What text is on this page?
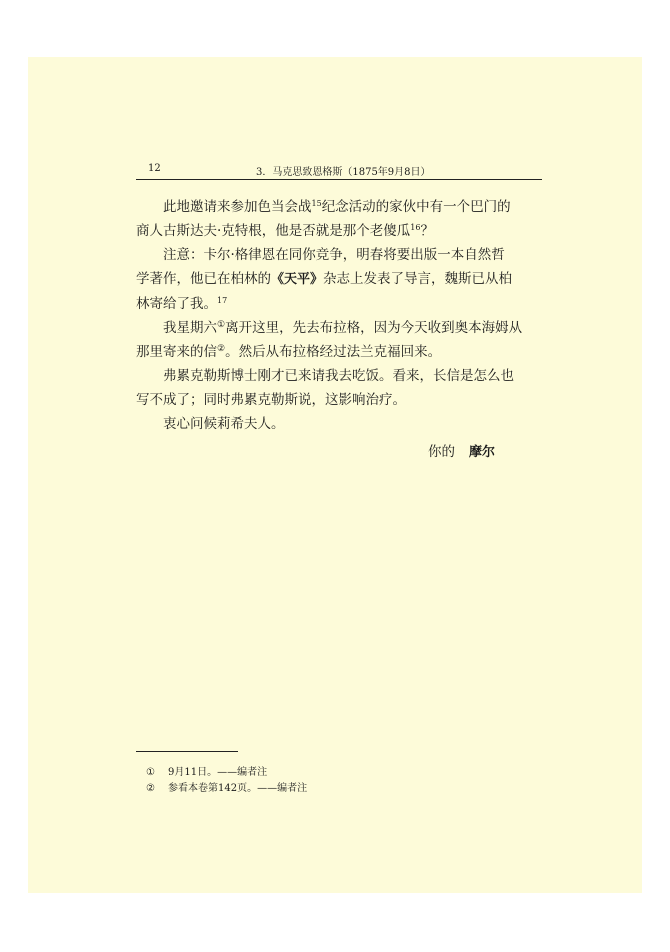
12	3．马克思致恩格斯（1875年9月8日）

此地邀请来参加色当会战$^{15}$纪念活动的家伙中有一个巴门的
商人古斯达夫·克特根，他是否就是那个老傻瓜$^{16}$？

注意：卡尔·格律恩在同你竞争，明春将要出版一本自然哲
学著作，他已在柏林的《天平》杂志上发表了导言，魏斯已从柏
林寄给了我。$^{17}$

我星期六①离开这里，先去布拉格，因为今天收到奥本海姆从
那里寄来的信②。然后从布拉格经过法兰克福回来。

弗累克勒斯博士刚才已来请我去吃饭。看来，长信是怎么也
写不成了；同时弗累克勒斯说，这影响治疗。

衷心问候莉希夫人。

你的 摩尔
① 9月11日。——编者注
② 参看本卷第142页。——编者注
